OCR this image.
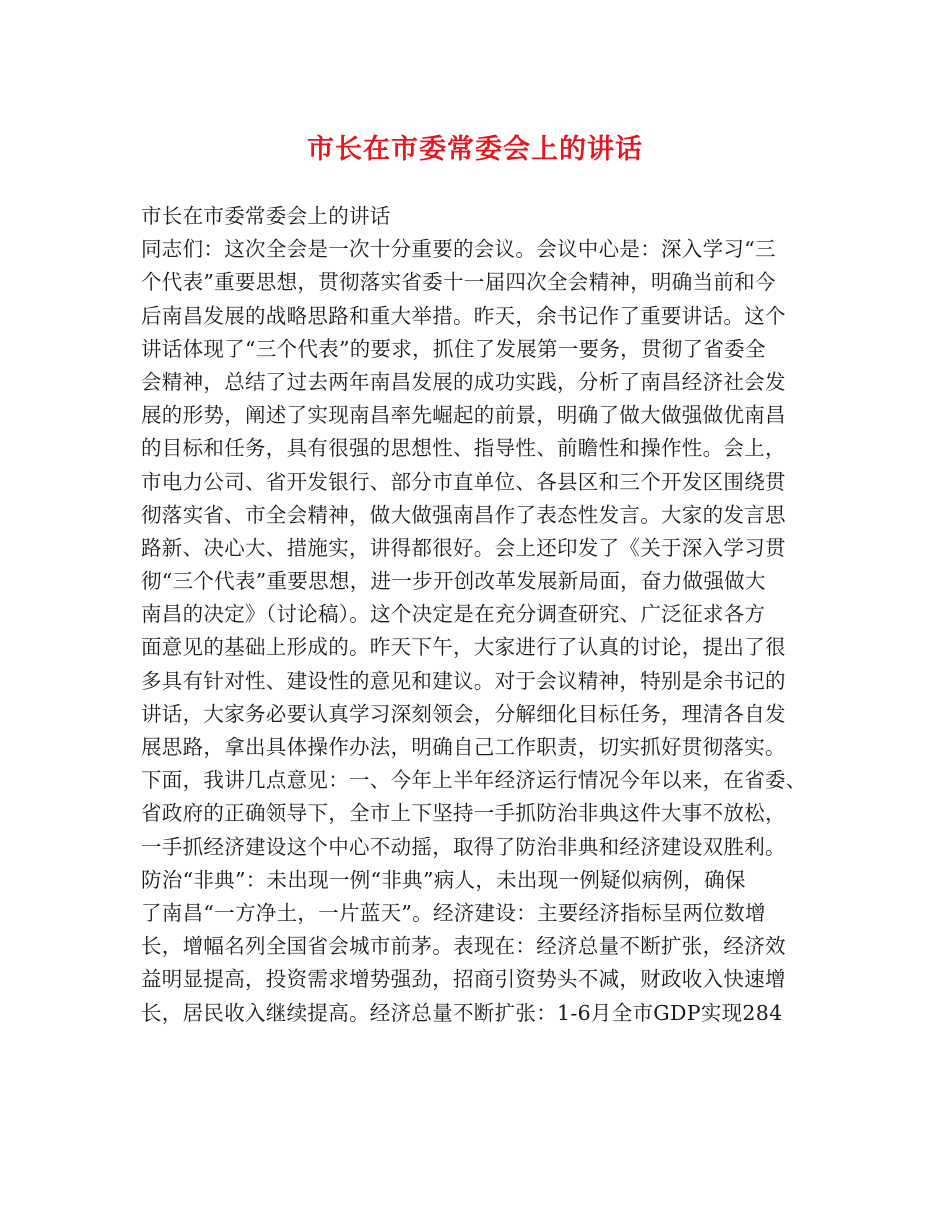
市长在市委常委会上的讲话
市长在市委常委会上的讲话
同志们：这次全会是一次十分重要的会议。会议中心是：深入学习“三
个代表”重要思想，贯彻落实省委十一届四次全会精神，明确当前和今
后南昌发展的战略思路和重大举措。昨天，余书记作了重要讲话。这个
讲话体现了“三个代表”的要求，抓住了发展第一要务，贯彻了省委全
会精神，总结了过去两年南昌发展的成功实践，分析了南昌经济社会发
展的形势，阐述了实现南昌率先崛起的前景，明确了做大做强做优南昌
的目标和任务，具有很强的思想性、指导性、前瞻性和操作性。会上，
市电力公司、省开发银行、部分市直单位、各县区和三个开发区围绕贯
彻落实省、市全会精神，做大做强南昌作了表态性发言。大家的发言思
路新、决心大、措施实，讲得都很好。会上还印发了《关于深入学习贯
彻“三个代表”重要思想，进一步开创改革发展新局面，奋力做强做大
南昌的决定》（讨论稿）。这个决定是在充分调查研究、广泛征求各方
面意见的基础上形成的。昨天下午，大家进行了认真的讨论，提出了很
多具有针对性、建设性的意见和建议。对于会议精神，特别是余书记的
讲话，大家务必要认真学习深刻领会，分解细化目标任务，理清各自发
展思路，拿出具体操作办法，明确自己工作职责，切实抓好贯彻落实。
下面，我讲几点意见：一、今年上半年经济运行情况今年以来，在省委、
省政府的正确领导下，全市上下坚持一手抓防治非典这件大事不放松，
一手抓经济建设这个中心不动摇，取得了防治非典和经济建设双胜利。
防治“非典”：未出现一例“非典”病人，未出现一例疑似病例，确保
了南昌“一方净土，一片蓝天”。经济建设：主要经济指标呈两位数增
长，增幅名列全国省会城市前茅。表现在：经济总量不断扩张，经济效
益明显提高，投资需求增势强劲，招商引资势头不减，财政收入快速增
长，居民收入继续提高。经济总量不断扩张：1-6月全市GDP实现284
